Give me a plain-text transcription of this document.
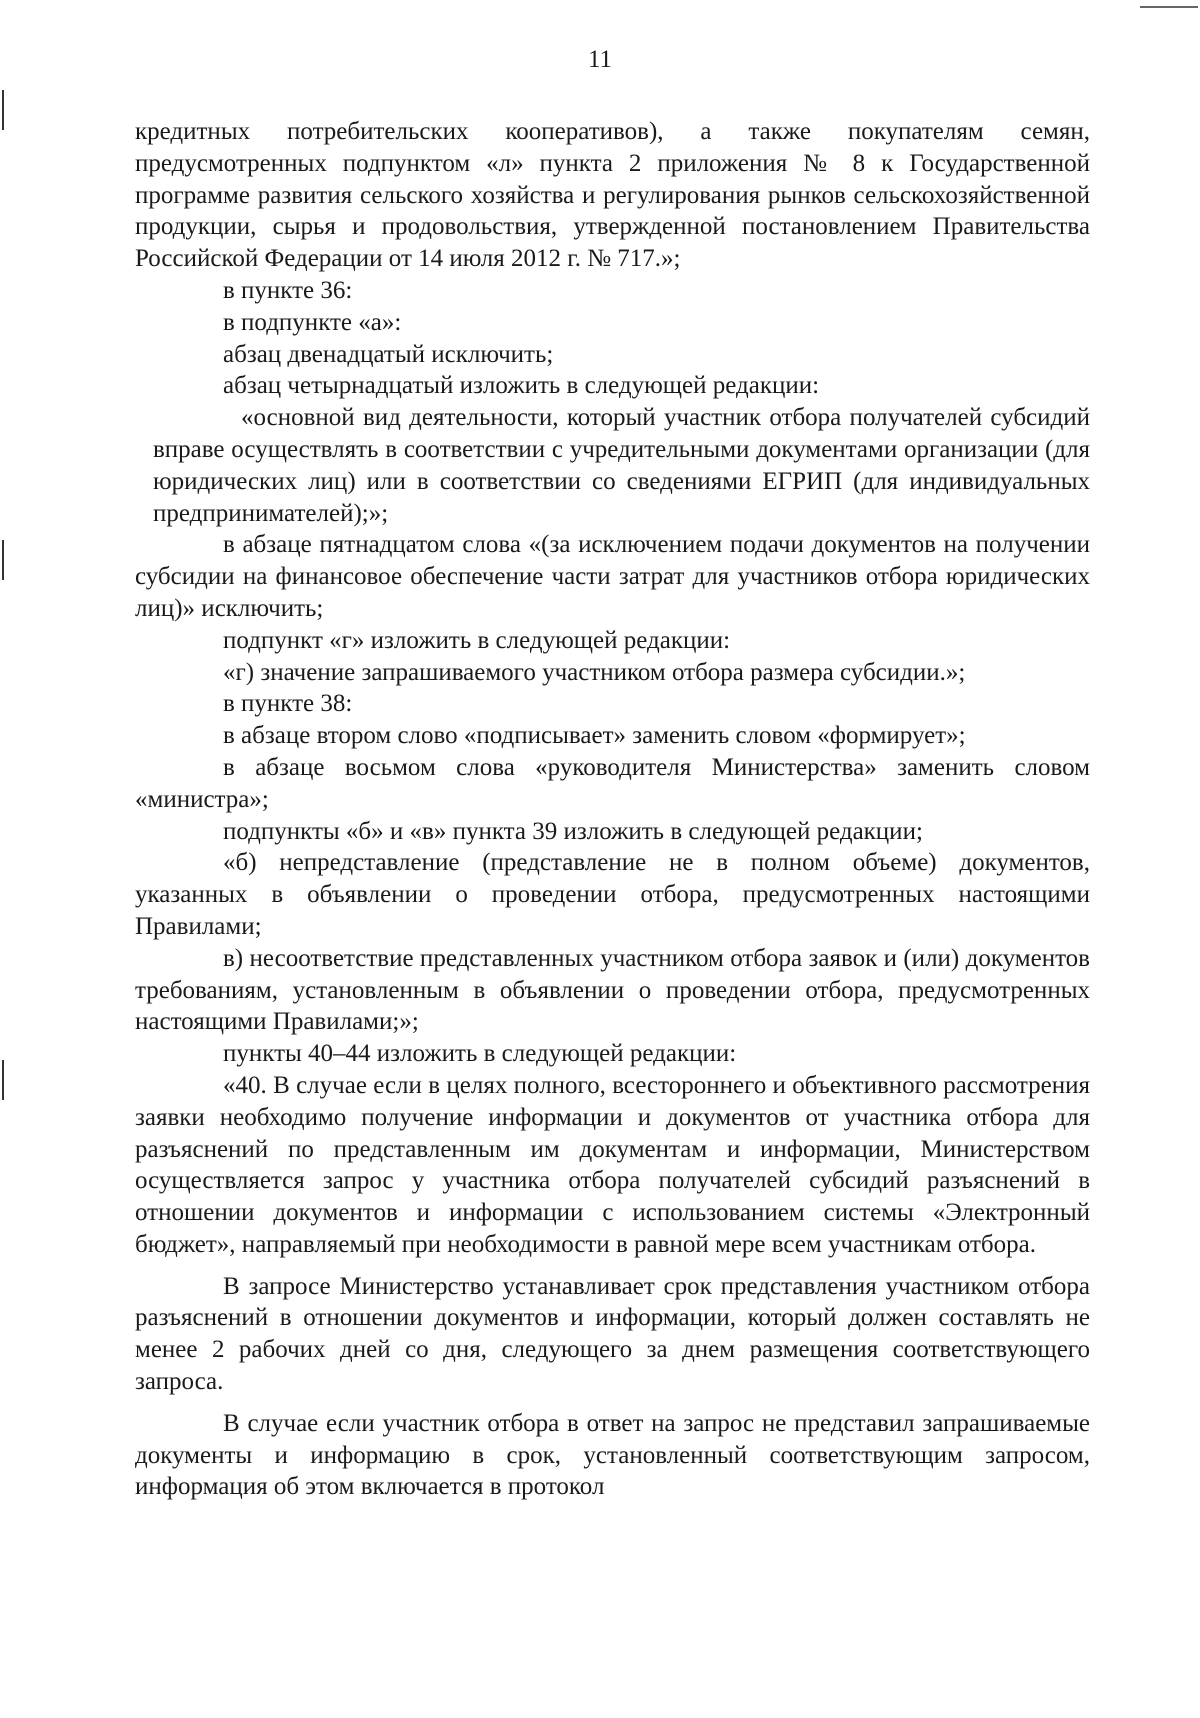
11

кредитных потребительских кооперативов), а также покупателям семян, предусмотренных подпунктом «л» пункта 2 приложения № 8 к Государственной программе развития сельского хозяйства и регулирования рынков сельскохозяйственной продукции, сырья и продовольствия, утвержденной постановлением Правительства Российской Федерации от 14 июля 2012 г. № 717.»;

в пункте 36:

в подпункте «а»:

абзац двенадцатый исключить;

абзац четырнадцатый изложить в следующей редакции:

«основной вид деятельности, который участник отбора получателей субсидий вправе осуществлять в соответствии с учредительными документами организации (для юридических лиц) или в соответствии со сведениями ЕГРИП (для индивидуальных предпринимателей);»;

в абзаце пятнадцатом слова «(за исключением подачи документов на получении субсидии на финансовое обеспечение части затрат для участников отбора юридических лиц)» исключить;

подпункт «г» изложить в следующей редакции:

«г) значение запрашиваемого участником отбора размера субсидии.»;

в пункте 38:

в абзаце втором слово «подписывает» заменить словом «формирует»;

в абзаце восьмом слова «руководителя Министерства» заменить словом «министра»;

подпункты «б» и «в» пункта 39 изложить в следующей редакции;

«б) непредставление (представление не в полном объеме) документов, указанных в объявлении о проведении отбора, предусмотренных настоящими Правилами;

в) несоответствие представленных участником отбора заявок и (или) документов требованиям, установленным в объявлении о проведении отбора, предусмотренных настоящими Правилами;»;

пункты 40–44 изложить в следующей редакции:

«40. В случае если в целях полного, всестороннего и объективного рассмотрения заявки необходимо получение информации и документов от участника отбора для разъяснений по представленным им документам и информации, Министерством осуществляется запрос у участника отбора получателей субсидий разъяснений в отношении документов и информации с использованием системы «Электронный бюджет», направляемый при необходимости в равной мере всем участникам отбора.

В запросе Министерство устанавливает срок представления участником отбора разъяснений в отношении документов и информации, который должен составлять не менее 2 рабочих дней со дня, следующего за днем размещения соответствующего запроса.

В случае если участник отбора в ответ на запрос не представил запрашиваемые документы и информацию в срок, установленный соответствующим запросом, информация об этом включается в протокол
